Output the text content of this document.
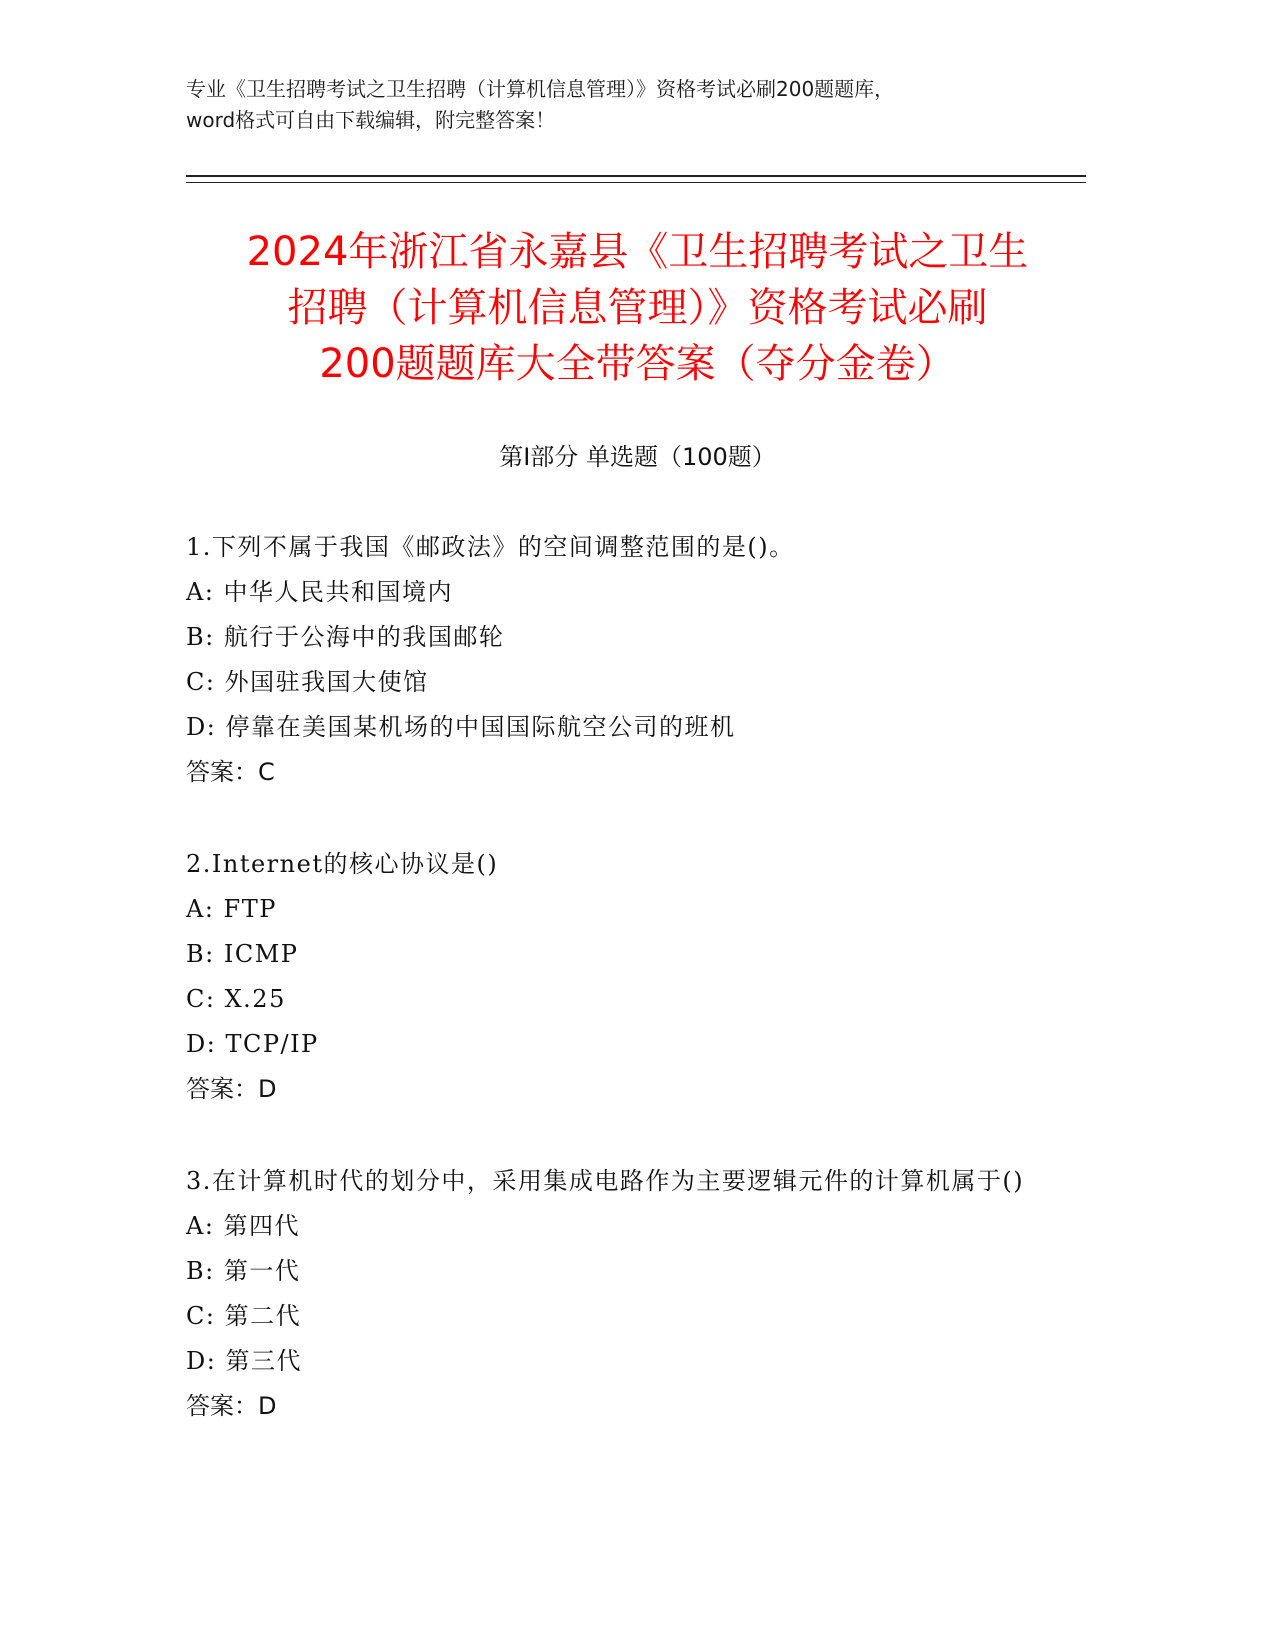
专业《卫生招聘考试之卫生招聘（计算机信息管理）》资格考试必刷200题题库，
word格式可自由下载编辑，附完整答案！
2024年浙江省永嘉县《卫生招聘考试之卫生
招聘（计算机信息管理）》资格考试必刷
200题题库大全带答案（夺分金卷）
第Ⅰ部分 单选题（100题）
1.下列不属于我国《邮政法》的空间调整范围的是()。
A: 中华人民共和国境内
B: 航行于公海中的我国邮轮
C: 外国驻我国大使馆
D: 停靠在美国某机场的中国国际航空公司的班机
答案：C
2.Internet的核心协议是()
A: FTP
B: ICMP
C: X.25
D: TCP/IP
答案：D
3.在计算机时代的划分中，采用集成电路作为主要逻辑元件的计算机属于()
A: 第四代
B: 第一代
C: 第二代
D: 第三代
答案：D
